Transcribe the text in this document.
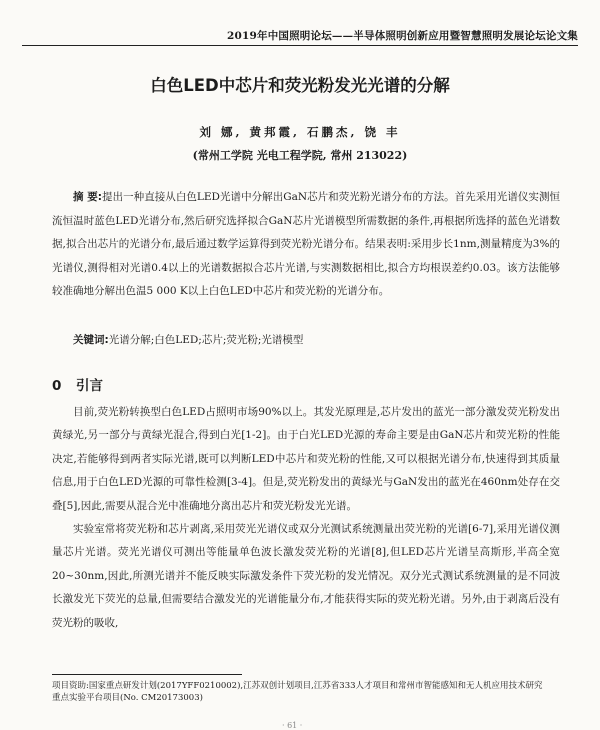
2019年中国照明论坛——半导体照明创新应用暨智慧照明发展论坛论文集
白色LED中芯片和荧光粉发光光谱的分解
刘 娜, 黄邦霞, 石鹏杰, 饶 丰
(常州工学院 光电工程学院, 常州 213022)
摘 要:提出一种直接从白色LED光谱中分解出GaN芯片和荧光粉光谱分布的方法。首先采用光谱仪实测恒流恒温时蓝色LED光谱分布,然后研究选择拟合GaN芯片光谱模型所需数据的条件,再根据所选择的蓝色光谱数据,拟合出芯片的光谱分布,最后通过数学运算得到荧光粉光谱分布。结果表明:采用步长1nm,测量精度为3%的光谱仪,测得相对光谱0.4以上的光谱数据拟合芯片光谱,与实测数据相比,拟合方均根误差约0.03。该方法能够较准确地分解出色温5 000 K以上白色LED中芯片和荧光粉的光谱分布。
关键词:光谱分解;白色LED;芯片;荧光粉;光谱模型
0 引言

目前,荧光粉转换型白色LED占照明市场90%以上。其发光原理是,芯片发出的蓝光一部分激发荧光粉发出黄绿光,另一部分与黄绿光混合,得到白光[1-2]。由于白光LED光源的寿命主要是由GaN芯片和荧光粉的性能决定,若能够得到两者实际光谱,既可以判断LED中芯片和荧光粉的性能,又可以根据光谱分布,快速得到其质量信息,用于白色LED光源的可靠性检测[3-4]。但是,荧光粉发出的黄绿光与GaN发出的蓝光在460nm处存在交叠[5],因此,需要从混合光中准确地分离出芯片和荧光粉发光光谱。

实验室常将荧光粉和芯片剥离,采用荧光光谱仪或双分光测试系统测量出荧光粉的光谱[6-7],采用光谱仪测量芯片光谱。荧光光谱仪可测出等能量单色波长激发荧光粉的光谱[8],但LED芯片光谱呈高斯形,半高全宽20~30nm,因此,所测光谱并不能反映实际激发条件下荧光粉的发光情况。双分光式测试系统测量的是不同波长激发光下荧光的总量,但需要结合激发光的光谱能量分布,才能获得实际的荧光粉光谱。另外,由于剥离后没有荧光粉的吸收,

项目资助:国家重点研发计划(2017YFF0210002),江苏双创计划项目,江苏省333人才项目和常州市智能感知和无人机应用技术研究重点实验平台项目(No. CM20173003)
· 61 ·
